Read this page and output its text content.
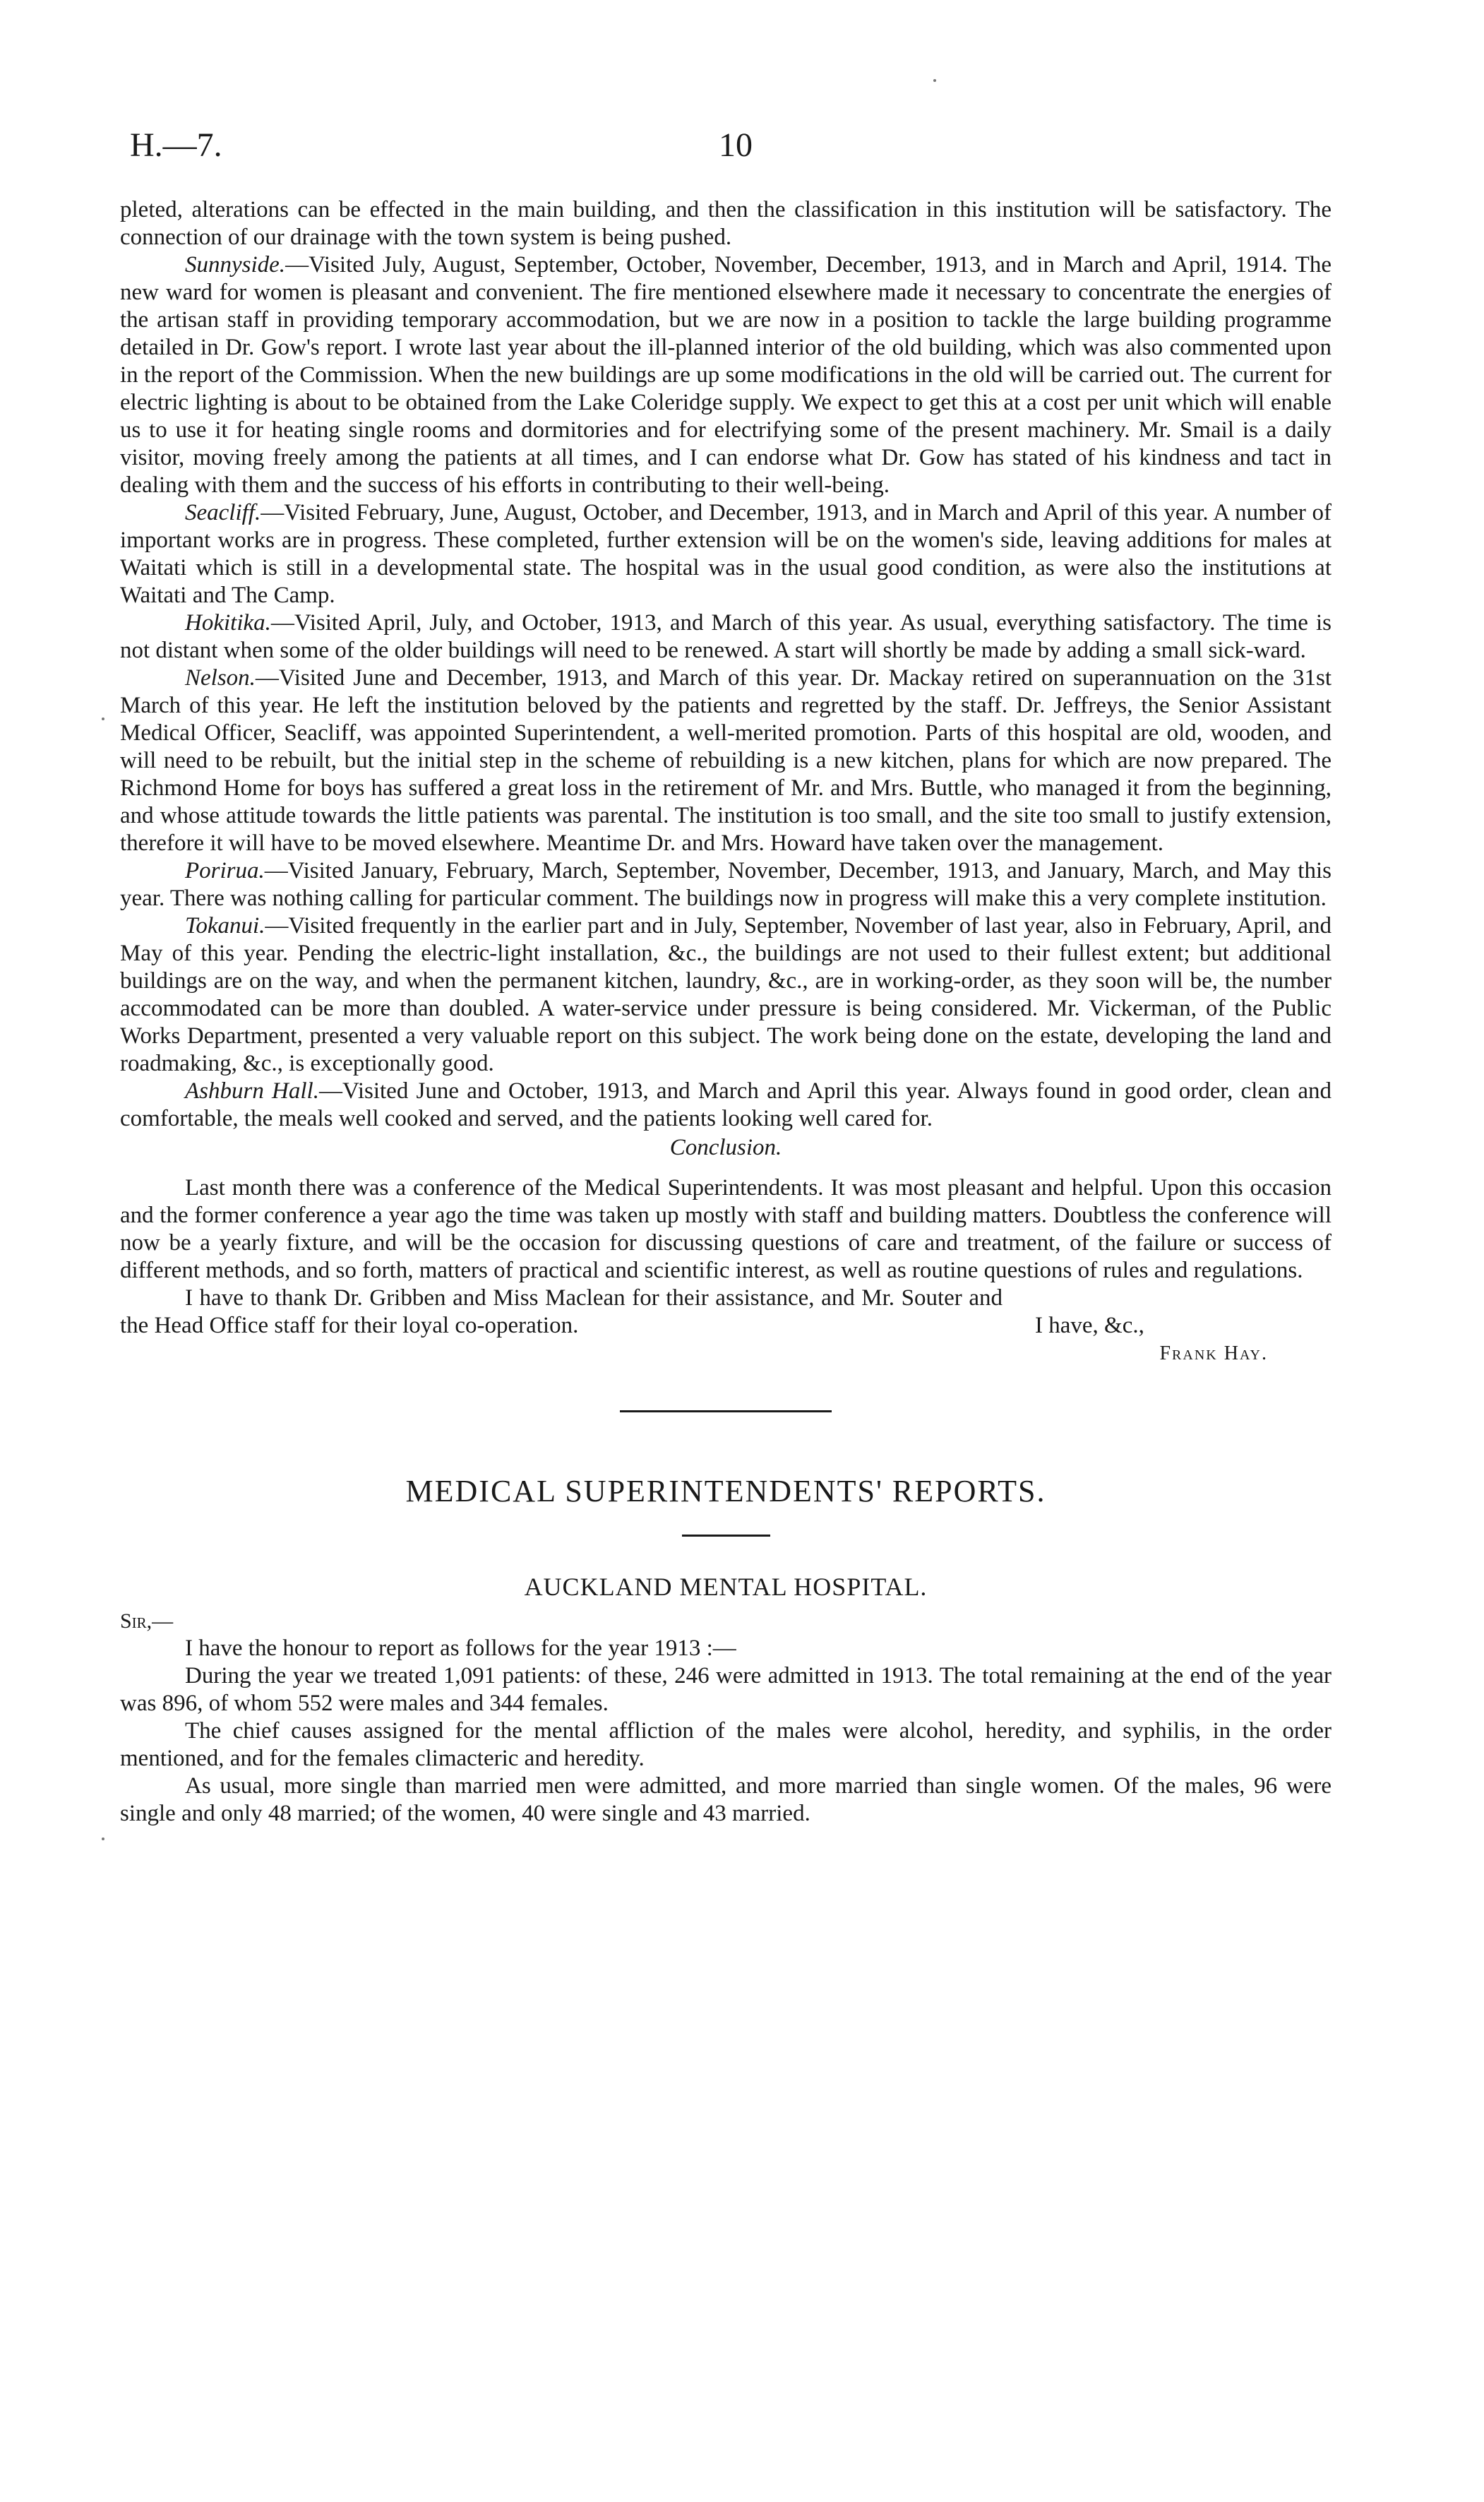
H.—7.	10

pleted, alterations can be effected in the main building, and then the classification in this institution will be satisfactory. The connection of our drainage with the town system is being pushed.

Sunnyside.—Visited July, August, September, October, November, December, 1913, and in March and April, 1914. The new ward for women is pleasant and convenient. The fire mentioned elsewhere made it necessary to concentrate the energies of the artisan staff in providing temporary accommodation, but we are now in a position to tackle the large building programme detailed in Dr. Gow's report. I wrote last year about the ill-planned interior of the old building, which was also commented upon in the report of the Commission. When the new buildings are up some modifications in the old will be carried out. The current for electric lighting is about to be obtained from the Lake Coleridge supply. We expect to get this at a cost per unit which will enable us to use it for heating single rooms and dormitories and for electrifying some of the present machinery. Mr. Smail is a daily visitor, moving freely among the patients at all times, and I can endorse what Dr. Gow has stated of his kindness and tact in dealing with them and the success of his efforts in contributing to their well-being.

Seacliff.—Visited February, June, August, October, and December, 1913, and in March and April of this year. A number of important works are in progress. These completed, further extension will be on the women's side, leaving additions for males at Waitati which is still in a developmental state. The hospital was in the usual good condition, as were also the institutions at Waitati and The Camp.

Hokitika.—Visited April, July, and October, 1913, and March of this year. As usual, everything satisfactory. The time is not distant when some of the older buildings will need to be renewed. A start will shortly be made by adding a small sick-ward.

Nelson.—Visited June and December, 1913, and March of this year. Dr. Mackay retired on superannuation on the 31st March of this year. He left the institution beloved by the patients and regretted by the staff. Dr. Jeffreys, the Senior Assistant Medical Officer, Seacliff, was appointed Superintendent, a well-merited promotion. Parts of this hospital are old, wooden, and will need to be rebuilt, but the initial step in the scheme of rebuilding is a new kitchen, plans for which are now prepared. The Richmond Home for boys has suffered a great loss in the retirement of Mr. and Mrs. Buttle, who managed it from the beginning, and whose attitude towards the little patients was parental. The institution is too small, and the site too small to justify extension, therefore it will have to be moved elsewhere. Meantime Dr. and Mrs. Howard have taken over the management.

Porirua.—Visited January, February, March, September, November, December, 1913, and January, March, and May this year. There was nothing calling for particular comment. The buildings now in progress will make this a very complete institution.

Tokanui.—Visited frequently in the earlier part and in July, September, November of last year, also in February, April, and May of this year. Pending the electric-light installation, &c., the buildings are not used to their fullest extent; but additional buildings are on the way, and when the permanent kitchen, laundry, &c., are in working-order, as they soon will be, the number accommodated can be more than doubled. A water-service under pressure is being considered. Mr. Vickerman, of the Public Works Department, presented a very valuable report on this subject. The work being done on the estate, developing the land and roadmaking, &c., is exceptionally good.

Ashburn Hall.—Visited June and October, 1913, and March and April this year. Always found in good order, clean and comfortable, the meals well cooked and served, and the patients looking well cared for.

Conclusion.

Last month there was a conference of the Medical Superintendents. It was most pleasant and helpful. Upon this occasion and the former conference a year ago the time was taken up mostly with staff and building matters. Doubtless the conference will now be a yearly fixture, and will be the occasion for discussing questions of care and treatment, of the failure or success of different methods, and so forth, matters of practical and scientific interest, as well as routine questions of rules and regulations.

I have to thank Dr. Gribben and Miss Maclean for their assistance, and Mr. Souter and the Head Office staff for their loyal co-operation.	I have, &c.,
Frank Hay.
MEDICAL SUPERINTENDENTS' REPORTS.
AUCKLAND MENTAL HOSPITAL.
Sir,—

I have the honour to report as follows for the year 1913 :—

During the year we treated 1,091 patients: of these, 246 were admitted in 1913. The total remaining at the end of the year was 896, of whom 552 were males and 344 females.

The chief causes assigned for the mental affliction of the males were alcohol, heredity, and syphilis, in the order mentioned, and for the females climacteric and heredity.

As usual, more single than married men were admitted, and more married than single women. Of the males, 96 were single and only 48 married; of the women, 40 were single and 43 married.
